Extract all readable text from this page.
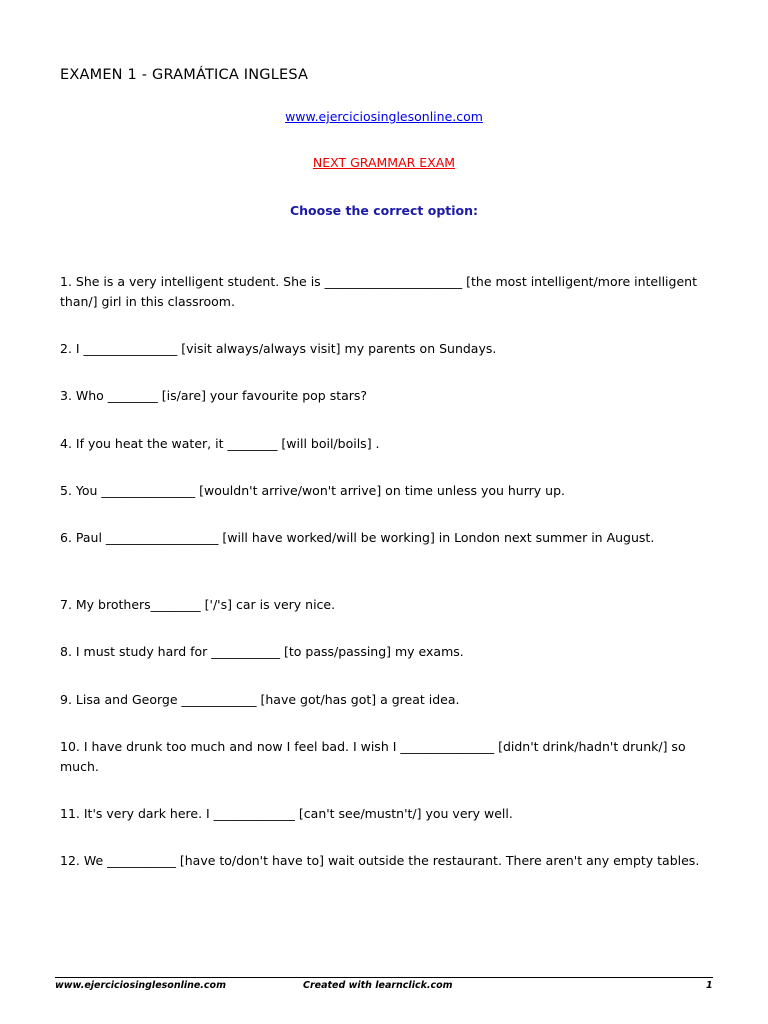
EXAMEN 1 - GRAMÁTICA INGLESA
www.ejerciciosinglesonline.com
NEXT GRAMMAR EXAM
Choose the correct option:
1. She is a very intelligent student. She is ______________________ [the most intelligent/more intelligent than/] girl in this classroom.
2. I _______________ [visit always/always visit] my parents on Sundays.
3. Who ________ [is/are] your favourite pop stars?
4. If you heat the water, it ________ [will boil/boils] .
5. You _______________ [wouldn't arrive/won't arrive] on time unless you hurry up.
6. Paul __________________ [will have worked/will be working] in London next summer in August.
7. My brothers________ ['/'s] car is very nice.
8. I must study hard for ___________ [to pass/passing] my exams.
9. Lisa and George ____________ [have got/has got] a great idea.
10. I have drunk too much and now I feel bad. I wish I _______________ [didn't drink/hadn't drunk/] so much.
11. It's very dark here. I _____________ [can't see/mustn't/] you very well.
12. We ___________ [have to/don't have to] wait outside the restaurant. There aren't any empty tables.
www.ejerciciosinglesonline.com	Created with learnclick.com	1
